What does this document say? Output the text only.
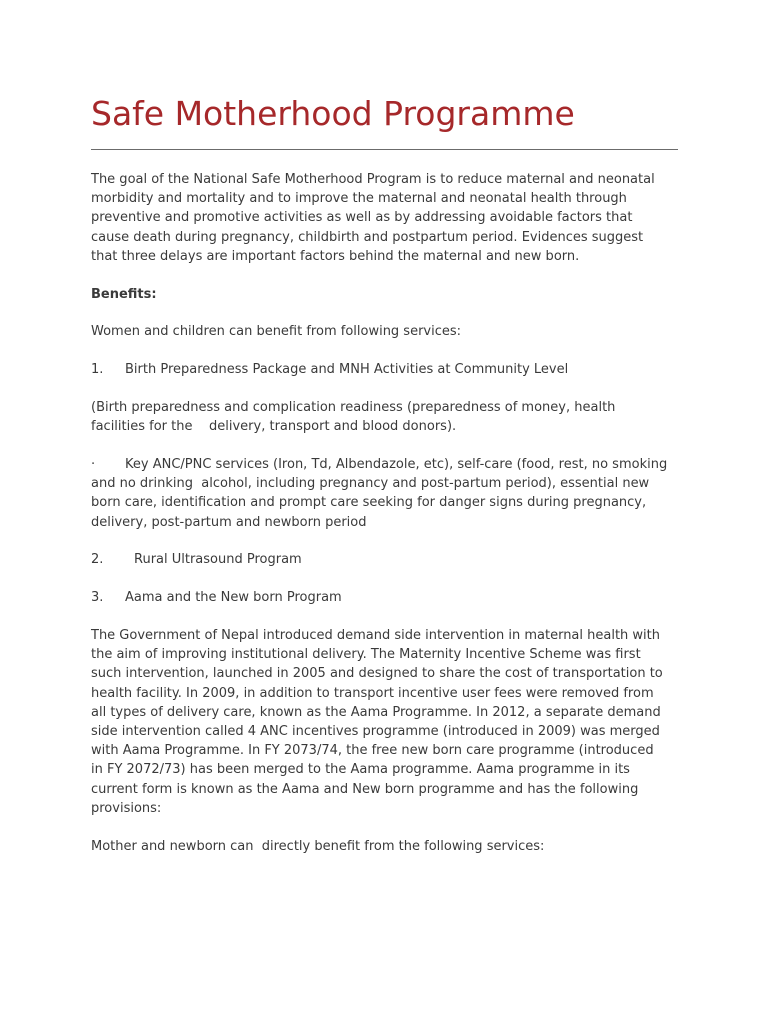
Safe Motherhood Programme

The goal of the National Safe Motherhood Program is to reduce maternal and neonatal
morbidity and mortality and to improve the maternal and neonatal health through
preventive and promotive activities as well as by addressing avoidable factors that
cause death during pregnancy, childbirth and postpartum period. Evidences suggest
that three delays are important factors behind the maternal and new born.

Benefits:

Women and children can benefit from following services:

1. Birth Preparedness Package and MNH Activities at Community Level

(Birth preparedness and complication readiness (preparedness of money, health
facilities for the    delivery, transport and blood donors).

· Key ANC/PNC services (Iron, Td, Albendazole, etc), self-care (food, rest, no smoking
and no drinking  alcohol, including pregnancy and post-partum period), essential new
born care, identification and prompt care seeking for danger signs during pregnancy,
delivery, post-partum and newborn period

2. Rural Ultrasound Program

3. Aama and the New born Program

The Government of Nepal introduced demand side intervention in maternal health with
the aim of improving institutional delivery. The Maternity Incentive Scheme was first
such intervention, launched in 2005 and designed to share the cost of transportation to
health facility. In 2009, in addition to transport incentive user fees were removed from
all types of delivery care, known as the Aama Programme. In 2012, a separate demand
side intervention called 4 ANC incentives programme (introduced in 2009) was merged
with Aama Programme. In FY 2073/74, the free new born care programme (introduced
in FY 2072/73) has been merged to the Aama programme. Aama programme in its
current form is known as the Aama and New born programme and has the following
provisions:

Mother and newborn can  directly benefit from the following services:
